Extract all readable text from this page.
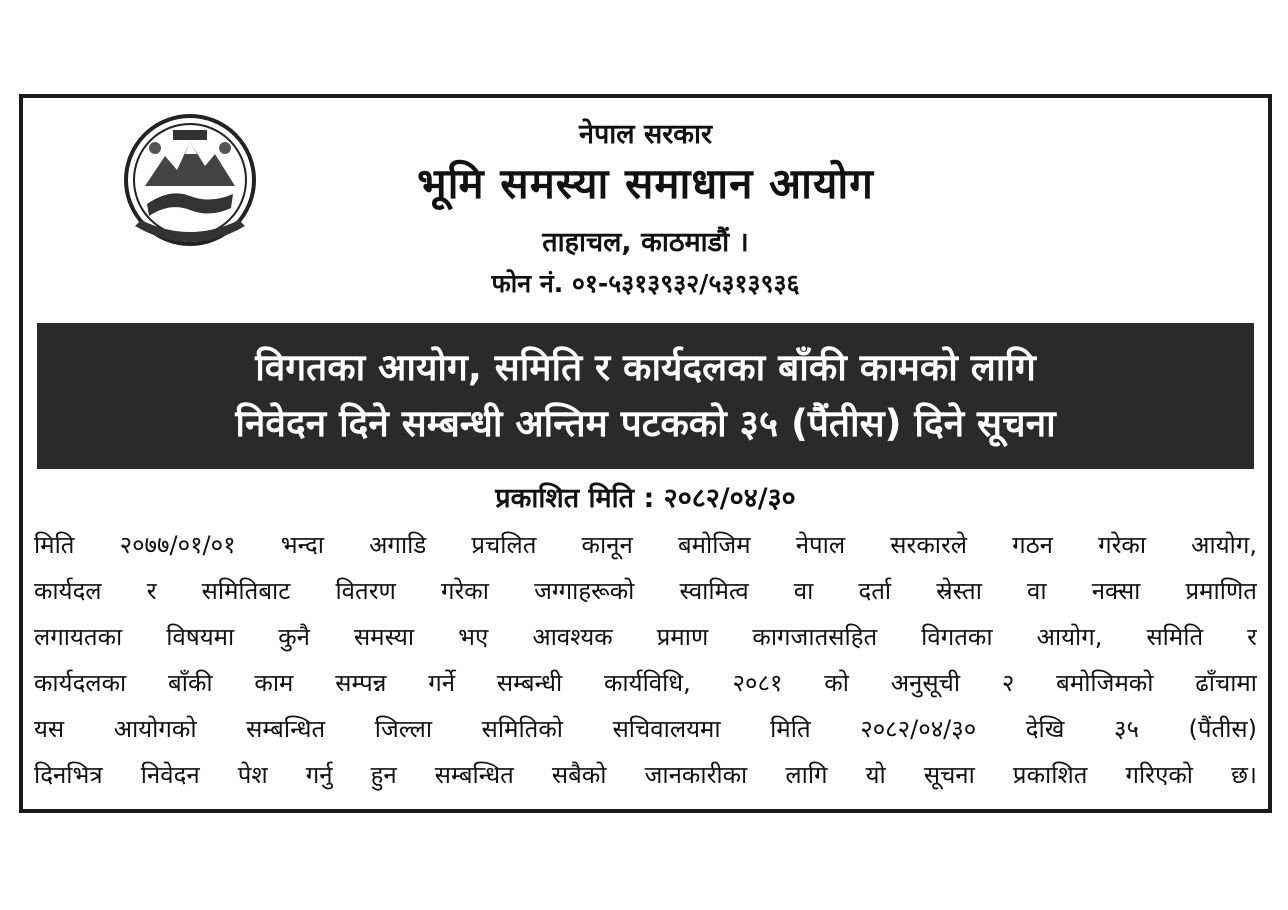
नेपाल सरकार
भूमि समस्या समाधान आयोग
ताहाचल, काठमाडौं ।
फोन नं. ०१-५३१३९३२/५३१३९३६
विगतका आयोग, समिति र कार्यदलका बाँकी कामको लागि
निवेदन दिने सम्बन्धी अन्तिम पटकको ३५ (पैंतीस) दिने सूचना
प्रकाशित मिति : २०८२/०४/३०
मिति २०७७/०१/०१ भन्दा अगाडि प्रचलित कानून बमोजिम नेपाल सरकारले गठन गरेका आयोग,
कार्यदल र समितिबाट वितरण गरेका जग्गाहरूको स्वामित्व वा दर्ता स्रेस्ता वा नक्सा प्रमाणित
लगायतका विषयमा कुनै समस्या भए आवश्यक प्रमाण कागजातसहित विगतका आयोग, समिति र
कार्यदलका बाँकी काम सम्पन्न गर्ने सम्बन्धी कार्यविधि, २०८१ को अनुसूची २ बमोजिमको ढाँचामा
यस आयोगको सम्बन्धित जिल्ला समितिको सचिवालयमा मिति २०८२/०४/३० देखि ३५ (पैंतीस)
दिनभित्र निवेदन पेश गर्नु हुन सम्बन्धित सबैको जानकारीका लागि यो सूचना प्रकाशित गरिएको छ।
